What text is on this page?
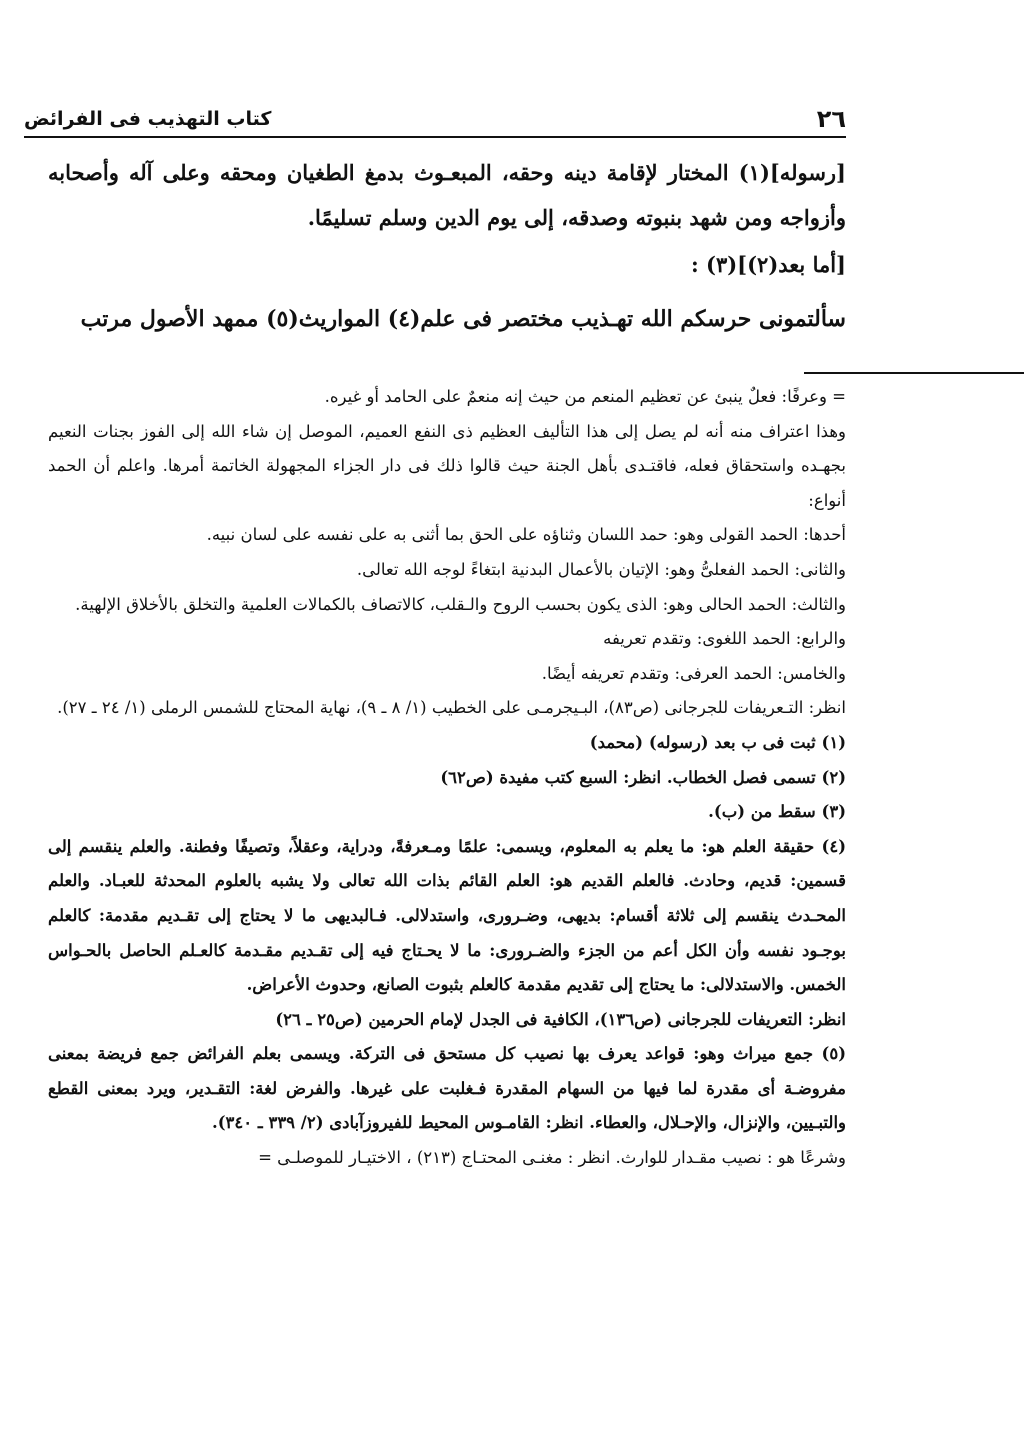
٢٦
كتاب التهذيب فى الفرائض

[رسوله](١) المختار لإقامة دينه وحقه، المبعـوث بدمغ الطغيان ومحقه وعلى آله وأصحابه وأزواجه ومن شهد بنبوته وصدقه، إلى يوم الدين وسلم تسليمًا.

[أما بعد(٢)](٣) :

سألتمونى حرسكم الله تهـذيب مختصر فى علم(٤) المواريث(٥) ممهد الأصول مرتب

= وعرفًا: فعلٌ ينبئ عن تعظيم المنعم من حيث إنه منعمٌ على الحامد أو غيره.

وهذا اعتراف منه أنه لم يصل إلى هذا التأليف العظيم ذى النفع العميم، الموصل إن شاء الله إلى الفوز بجنات النعيم بجهـده واستحقاق فعله، فاقتـدى بأهل الجنة حيث قالوا ذلك فى دار الجزاء المجهولة الخاتمة أمرها. واعلم أن الحمد أنواع:

أحدها: الحمد القولى وهو: حمد اللسان وثناؤه على الحق بما أثنى به على نفسه على لسان نبيه.

والثانى: الحمد الفعلىُّ وهو: الإتيان بالأعمال البدنية ابتغاءً لوجه الله تعالى.

والثالث: الحمد الحالى وهو: الذى يكون بحسب الروح والـقلب، كالاتصاف بالكمالات العلمية والتخلق بالأخلاق الإلهية.

والرابع: الحمد اللغوى: وتقدم تعريفه

والخامس: الحمد العرفى: وتقدم تعريفه أيضًا.

انظر: التـعريفات للجرجانى (ص٨٣)، البـيجرمـى على الخطيب (١/ ٨ ـ ٩)، نهاية المحتاج للشمس الرملى (١/ ٢٤ ـ ٢٧).

(١) ثبت فى ب بعد (رسوله) (محمد)

(٢) تسمى فصل الخطاب. انظر: السبع كتب مفيدة (ص٦٢)

(٣) سقط من (ب).

(٤) حقيقة العلم هو: ما يعلم به المعلوم، ويسمى: علمًا ومـعرفةً، ودراية، وعقلاً، وتصيفًا وفطنة. والعلم ينقسم إلى قسمين: قديم، وحادث. فالعلم القديم هو: العلم القائم بذات الله تعالى ولا يشبه بالعلوم المحدثة للعبـاد. والعلم المحـدث ينقسم إلى ثلاثة أقسام: بديهى، وضـرورى، واستدلالى. فـالبديهى ما لا يحتاج إلى تقـديم مقدمة: كالعلم بوجـود نفسه وأن الكل أعم من الجزء والضـرورى: ما لا يحـتاج فيه إلى تقـديم مقـدمة كالعـلم الحاصل بالحـواس الخمس. والاستدلالى: ما يحتاج إلى تقديم مقدمة كالعلم بثبوت الصانع، وحدوث الأعراض.

انظر: التعريفات للجرجانى (ص١٣٦)، الكافية فى الجدل لإمام الحرمين (ص٢٥ ـ ٢٦)

(٥) جمع ميراث وهو: قواعد يعرف بها نصيب كل مستحق فى التركة. ويسمى بعلم الفرائض جمع فريضة بمعنى مفروضـة أى مقدرة لما فيها من السهام المقدرة فـغلبت على غيرها. والفرض لغة: التقـدير، ويرد بمعنى القطع والتبـيين، والإنزال، والإحـلال، والعطاء. انظر: القامـوس المحيط للفيروزآبادى (٢/ ٣٣٩ ـ ٣٤٠).

وشرعًا هو : نصيب مقـدار للوارث. انظر : مغنـى المحتـاج (٢١٣) ، الاختيـار للموصلـى =
